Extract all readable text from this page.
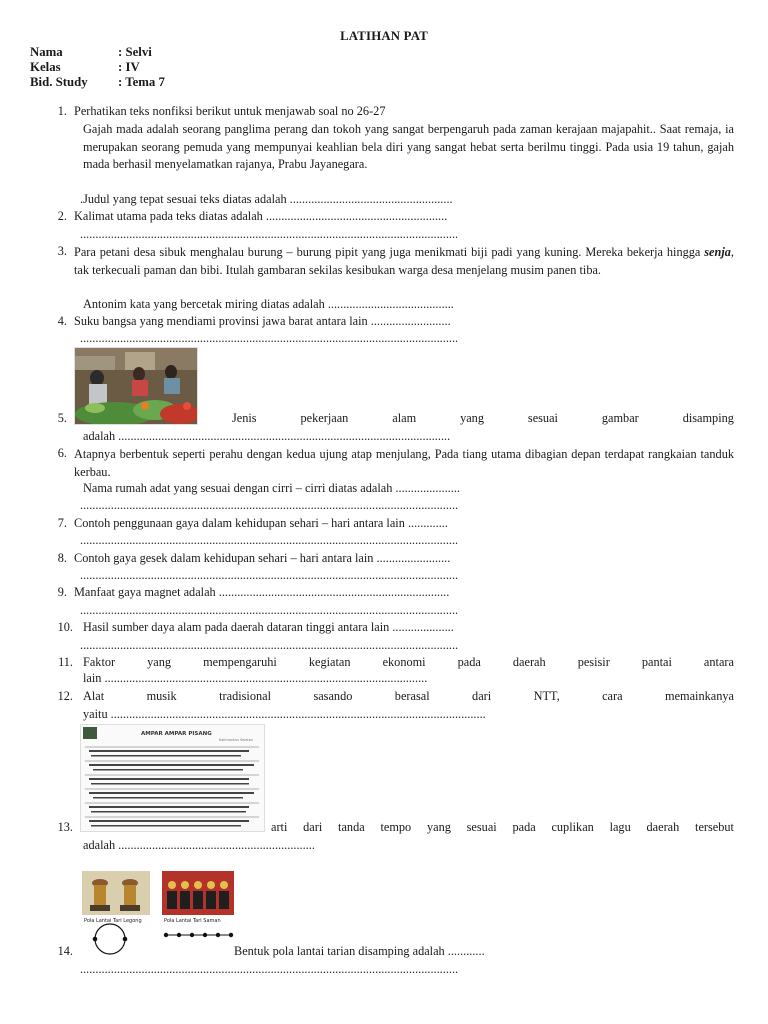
LATIHAN PAT
Nama	: Selvi
Kelas	: IV
Bid. Study : Tema 7
1. Perhatikan teks nonfiksi berikut untuk menjawab soal no 26-27
Gajah mada adalah seorang panglima perang dan tokoh yang sangat berpengaruh pada zaman kerajaan majapahit.. Saat remaja, ia merupakan seorang pemuda yang mempunyai keahlian bela diri yang sangat hebat serta berilmu tinggi. Pada usia 19 tahun, gajah mada berhasil menyelamatkan rajanya, Prabu Jayanegara.
.Judul yang tepat sesuai teks diatas adalah .....................................................
2. Kalimat utama pada teks diatas adalah ...........................................................
...........................................................................................................................
3. Para petani desa sibuk menghalau burung – burung pipit yang juga menikmati biji padi yang kuning. Mereka bekerja hingga senja, tak terkecuali paman dan bibi. Itulah gambaran sekilas kesibukan warga desa menjelang musim panen tiba.
Antonim kata yang bercetak miring diatas adalah .........................................
4. Suku bangsa yang mendiami provinsi jawa barat antara lain ..........................
...........................................................................................................................
5.	Jenis	pekerjaan	alam	yang	sesuai	gambar	disamping
adalah ............................................................................................................
6. Atapnya berbentuk seperti perahu dengan kedua ujung atap menjulang, Pada tiang utama dibagian depan terdapat rangkaian tanduk kerbau.
Nama rumah adat yang sesuai dengan cirri – cirri diatas adalah .....................
...........................................................................................................................
7. Contoh penggunaan gaya dalam kehidupan sehari – hari antara lain .............
...........................................................................................................................
8. Contoh gaya gesek dalam kehidupan sehari – hari antara lain ........................
...........................................................................................................................
9. Manfaat gaya magnet adalah ...........................................................................
...........................................................................................................................
10. Hasil sumber daya alam pada daerah dataran tinggi antara lain ....................
...........................................................................................................................
11. Faktor	yang	mempengaruhi	kegiatan	ekonomi	pada	daerah	pesisir	pantai	antara
lain .........................................................................................................
12. Alat	musik	tradisional	sasando	berasal	dari	NTT,	cara	memainkanya
yaitu ..........................................................................................................................
AMPAR AMPAR PISANG
Kalimantan Selatan
13.	arti dari tanda tempo yang sesuai pada cuplikan lagu daerah tersebut
adalah ................................................................
Pola Lantai Tari Legong	Pola Lantai Tari Saman
14.	Bentuk pola lantai tarian disamping adalah ............
...........................................................................................................................
